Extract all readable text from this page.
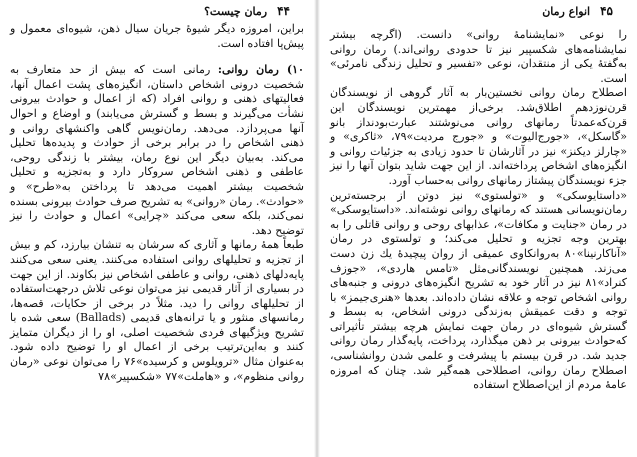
۴۴
رمان چیست؟

براین، امروزه دیگر شیوهٔ جریان سیال ذهن، شیوه‌ای معمول و پیش‌پا افتاده است.

۱۰) رمان روانی: رمانی است که بیش از حد متعارف به شخصیت درونی اشخاص داستان، انگیزه‌های پشت اعمال آنها، فعالیتهای ذهنی و روانی افراد (که از اعمال و حوادث بیرونی نشأت می‌گیرند و بسط و گسترش می‌یابند) و اوضاع و احوال آنها می‌پردازد. می‌دهد. رمان‌نویس گاهی واکنشهای روانی و ذهنی اشخاص را در برابر برخی از حوادث و پدیده‌ها تحلیل می‌کند. به‌بیان دیگر این نوع رمان، بیشتر با زندگی روحی، عاطفی و ذهنی اشخاص سروکار دارد و به‌تجزیه و تحلیل شخصیت بیشتر اهمیت می‌دهد تا پرداختن به‌«طرح» و «حوادث». رمان «روانی» به تشریح صرف حوادث بیرونی بسنده نمی‌کند، بلکه سعی می‌کند «چرایی» اعمال و حوادث را نیز توضیح دهد.

طبعاً همهٔ رمانها و آثاری که سرشان به تنشان بیارزد، کم و بیش از تجزیه و تحلیلهای روانی استفاده می‌کنند. یعنی سعی می‌کنند پایه‌دلهای ذهنی، روانی و عاطفی اشخاص نیز بکاوند. از این جهت در بسیاری از آثار قدیمی نیز می‌توان نوعی تلاش درجهت‌استفاده از تحلیلهای روانی را دید. مثلاً در برخی از حکایات، قصه‌ها، رمانسهای منثور و یا ترانه‌های قدیمی (Ballads) سعی شده با تشریح ویژگیهای فردی شخصیت اصلی، او را از دیگران متمایز کنند و به‌این‌ترتیب برخی از اعمال او را توضیح داده شود. به‌عنوان مثال «ترویلوس و کرسیده»۷۶ را می‌توان نوعی «رمان روانی منظوم»، و «هاملت»۷۷ «شکسپیر»۷۸

۴۵
انواع رمان

را نوعی «نمایشنامهٔ روانی» دانست. (اگرچه بیشتر نمایشنامه‌های شکسپیر نیز تا حدودی روانی‌اند.) رمان روانی به‌گفتهٔ یکی از منتقدان، نوعی «تفسیر و تحلیل زندگی نامرئی» است.

اصطلاح رمان روانی نخستین‌بار به آثار گروهی از نویسندگان قرن‌نوزدهم اطلاق‌شد. برخی‌از مهمترین نویسندگان این قرن‌که‌عمدتاً رمانهای روانی می‌نوشتند عبارت‌بودند‌از بانو «گاسکل»، «جورج‌الیوت» و «جورج مردیت»۷۹، «ثاکری» و «چارلز دیکنز» نیز در آثارشان تا حدود زیادی به جزئیات روانی و انگیزه‌های اشخاص پرداخته‌اند. از این جهت شاید بتوان آنها را نیز جزء نویسندگان پیشتاز رمانهای روانی به‌حساب آورد.

«داستایوسکی» و «تولستوی» نیز دوتن از برجسته‌ترین رمان‌نویسانی هستند که رمانهای روانی نوشته‌اند. «داستایوسکی» در رمان «جنایت و مکافات»، عذابهای روحی و روانی قاتلی را به بهترین وجه تجزیه و تحلیل می‌کند؛ و تولستوی در رمان «آناکارنینا»۸۰ به‌روانکاوی عمیقی از روان پیچیدهٔ یك زن دست می‌زند. همچنین نویسندگانی‌مثل «تامس هاردی»، «جوزف کنراد»۸۱ نیز در آثار خود به تشریح انگیزه‌های درونی و جنبه‌های روانی اشخاص توجه و علاقه نشان داده‌اند. بعدها «هنری‌جیمز» با توجه و دقت عمیقش به‌زندگی درونی اشخاص، به بسط و گسترش شیوه‌ای در رمان جهت نمایش هرچه بیشتر تأثیراتی که‌حوادث بیرونی بر ذهن میگذارد، پرداخت، پایه‌گذار رمان روانی جدید شد. در قرن بیستم با پیشرفت و علمی شدن روانشناسی، اصطلاح رمان روانی، اصطلاحی همه‌گیر شد. چنان که امروزه عامهٔ مردم از این‌اصطلاح استفاده
